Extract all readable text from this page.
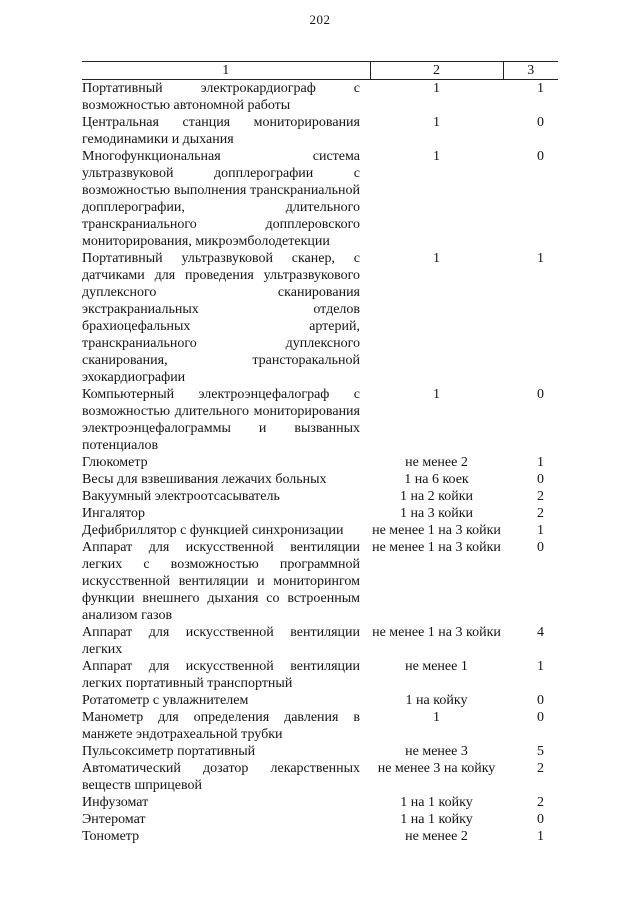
202
1	2	3
Портативный электрокардиограф с возможностью автономной работы	1	1
Центральная станция мониторирования гемодинамики и дыхания	1	0
Многофункциональная система ультразвуковой допплерографии с возможностью выполнения транскраниальной допплерографии, длительного транскраниального допплеровского мониторирования, микроэмболодетекции	1	0
Портативный ультразвуковой сканер, с датчиками для проведения ультразвукового дуплексного сканирования экстракраниальных отделов брахиоцефальных артерий, транскраниального дуплексного сканирования, трансторакальной эхокардиографии	1	1
Компьютерный электроэнцефалограф с возможностью длительного мониторирования электроэнцефалограммы и вызванных потенциалов	1	0
Глюкометр	не менее 2	1
Весы для взвешивания лежачих больных	1 на 6 коек	0
Вакуумный электроотсасыватель	1 на 2 койки	2
Ингалятор	1 на 3 койки	2
Дефибриллятор с функцией синхронизации	не менее 1 на 3 койки	1
Аппарат для искусственной вентиляции легких с возможностью программной искусственной вентиляции и мониторингом функции внешнего дыхания со встроенным анализом газов	не менее 1 на 3 койки	0
Аппарат для искусственной вентиляции легких	не менее 1 на 3 койки	4
Аппарат для искусственной вентиляции легких портативный транспортный	не менее 1	1
Ротатометр с увлажнителем	1 на койку	0
Манометр для определения давления в манжете эндотрахеальной трубки	1	0
Пульсоксиметр портативный	не менее 3	5
Автоматический дозатор лекарственных веществ шприцевой	не менее 3 на койку	2
Инфузомат	1 на 1 койку	2
Энтеромат	1 на 1 койку	0
Тонометр	не менее 2	1
